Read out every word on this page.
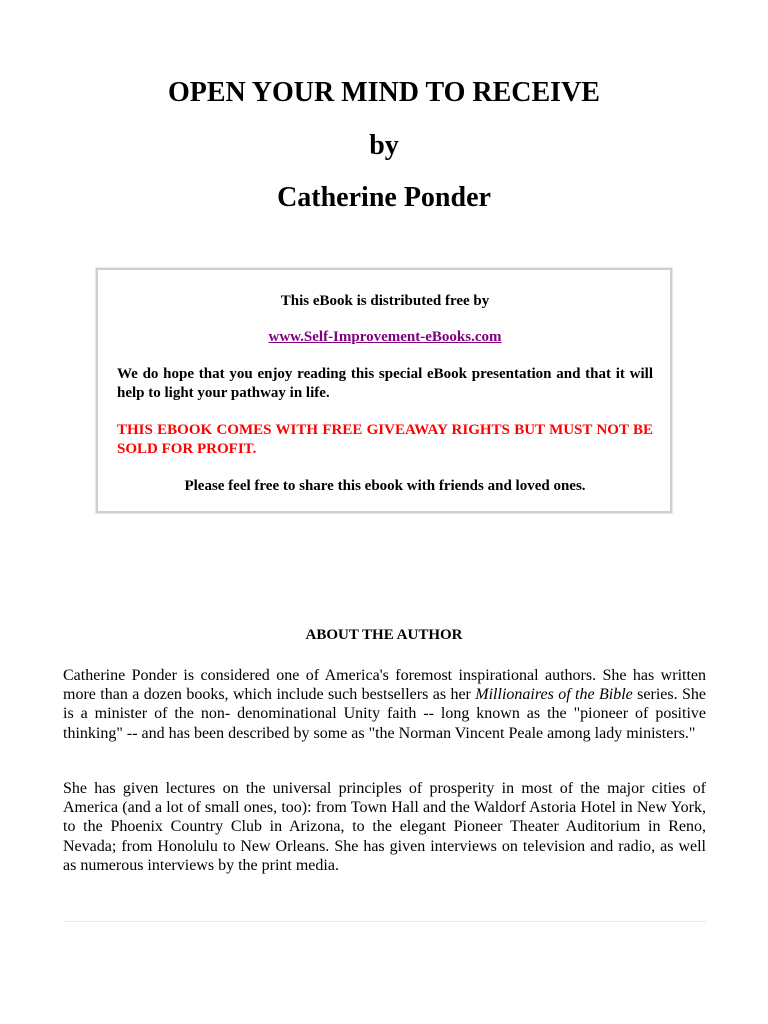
OPEN YOUR MIND TO RECEIVE
by
Catherine Ponder

This eBook is distributed free by

www.Self-Improvement-eBooks.com

We do hope that you enjoy reading this special eBook presentation and that it will help to light your pathway in life.

THIS EBOOK COMES WITH FREE GIVEAWAY RIGHTS BUT MUST NOT BE SOLD FOR PROFIT.

Please feel free to share this ebook with friends and loved ones.

ABOUT THE AUTHOR

Catherine Ponder is considered one of America's foremost inspirational authors. She has written more than a dozen books, which include such bestsellers as her Millionaires of the Bible series. She is a minister of the non- denominational Unity faith -- long known as the "pioneer of positive thinking" -- and has been described by some as "the Norman Vincent Peale among lady ministers."

She has given lectures on the universal principles of prosperity in most of the major cities of America (and a lot of small ones, too): from Town Hall and the Waldorf Astoria Hotel in New York, to the Phoenix Country Club in Arizona, to the elegant Pioneer Theater Auditorium in Reno, Nevada; from Honolulu to New Orleans. She has given interviews on television and radio, as well as numerous interviews by the print media.
